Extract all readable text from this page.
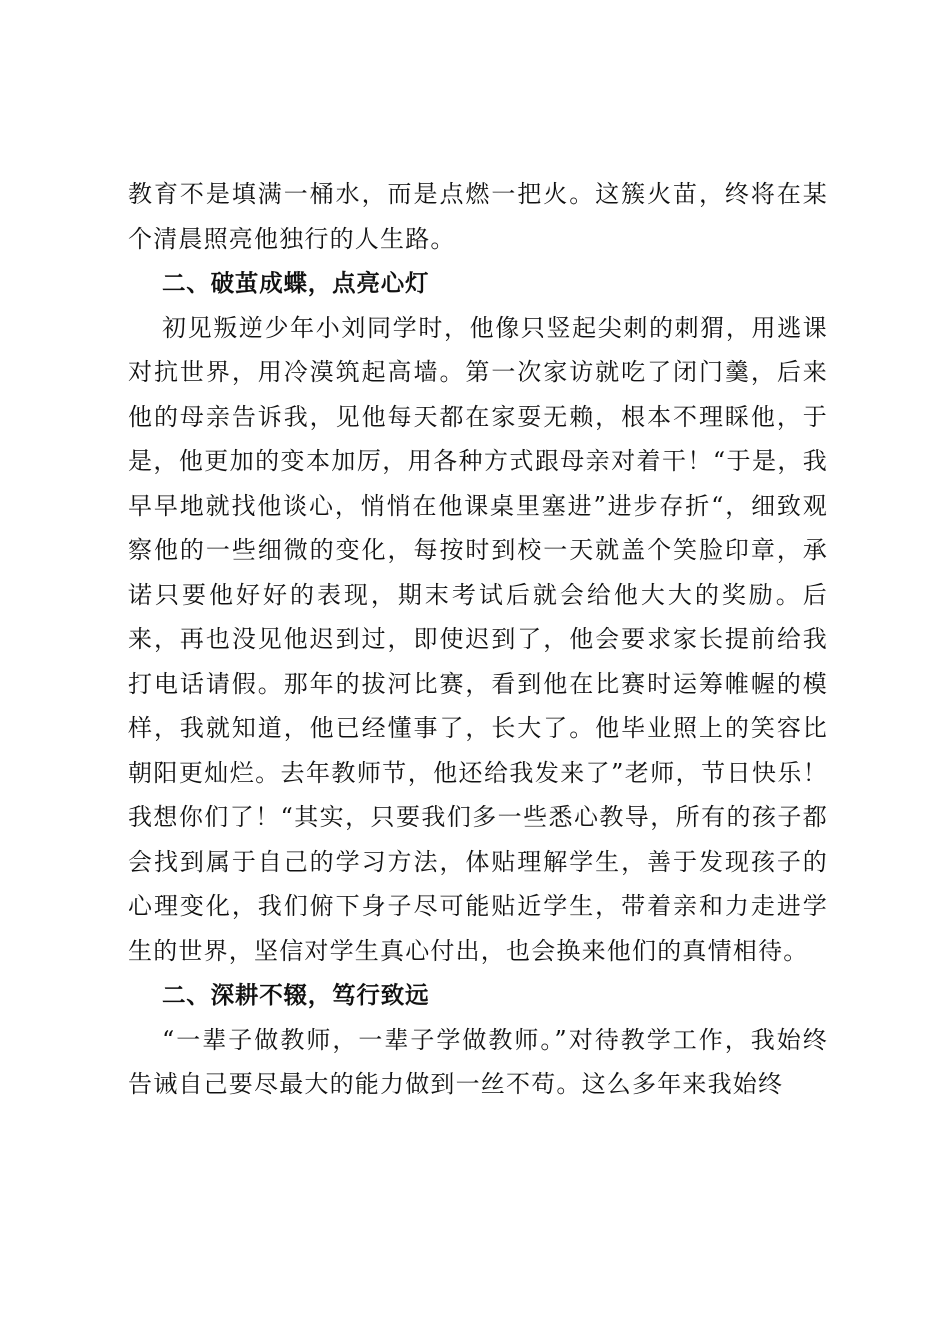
教育不是填满一桶水，而是点燃一把火。这簇火苗，终将在某个清晨照亮他独行的人生路。

二、破茧成蝶，点亮心灯

初见叛逆少年小刘同学时，他像只竖起尖刺的刺猬，用逃课对抗世界，用冷漠筑起高墙。第一次家访就吃了闭门羹，后来他的母亲告诉我，见他每天都在家耍无赖，根本不理睬他，于是，他更加的变本加厉，用各种方式跟母亲对着干！“于是，我早早地就找他谈心，悄悄在他课桌里塞进”进步存折“，细致观察他的一些细微的变化，每按时到校一天就盖个笑脸印章，承诺只要他好好的表现，期末考试后就会给他大大的奖励。后来，再也没见他迟到过，即使迟到了，他会要求家长提前给我打电话请假。那年的拔河比赛，看到他在比赛时运筹帷幄的模样，我就知道，他已经懂事了，长大了。他毕业照上的笑容比朝阳更灿烂。去年教师节，他还给我发来了”老师，节日快乐！我想你们了！“其实，只要我们多一些悉心教导，所有的孩子都会找到属于自己的学习方法，体贴理解学生，善于发现孩子的心理变化，我们俯下身子尽可能贴近学生，带着亲和力走进学生的世界，坚信对学生真心付出，也会换来他们的真情相待。

二、深耕不辍，笃行致远

“一辈子做教师，一辈子学做教师。”对待教学工作，我始终告诫自己要尽最大的能力做到一丝不苟。这么多年来我始终
